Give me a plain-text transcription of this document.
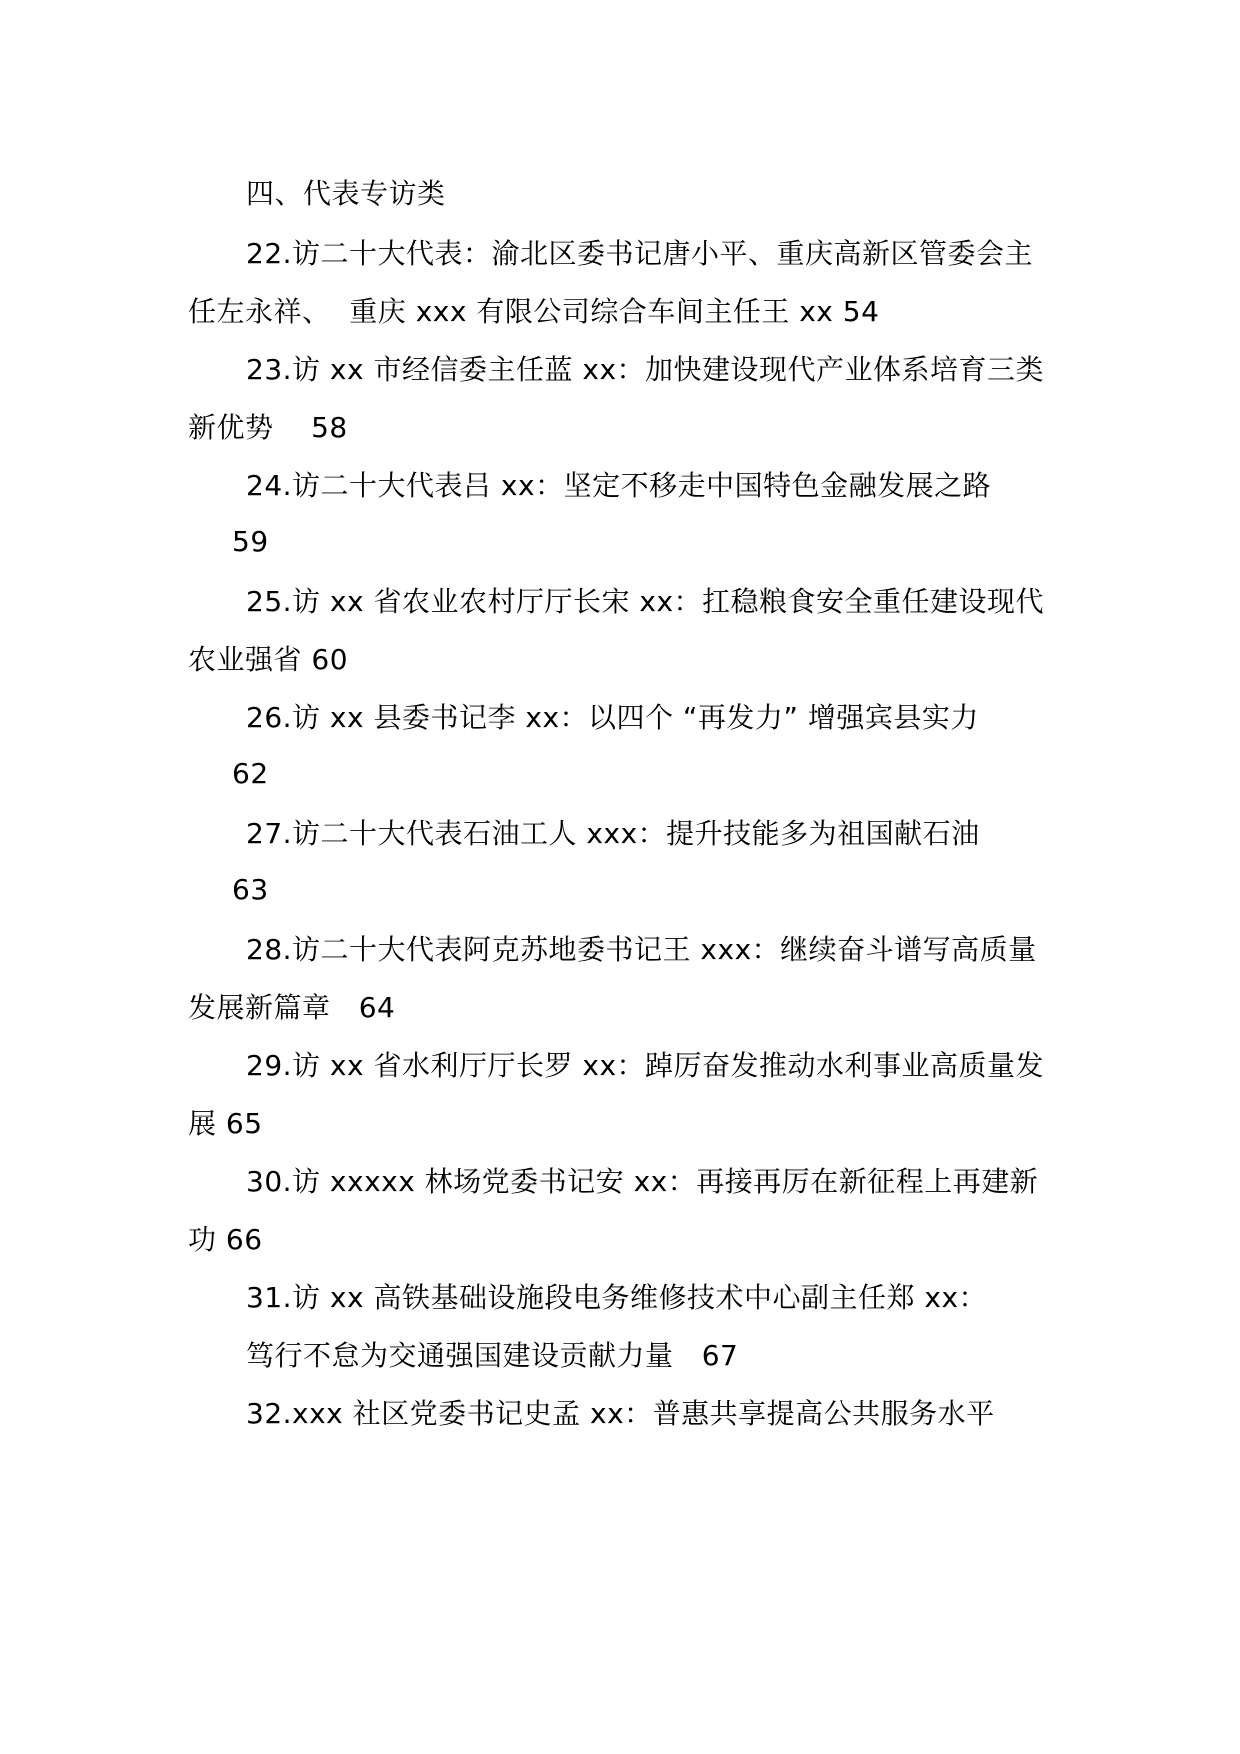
四、代表专访类
22.访二十大代表：渝北区委书记唐小平、重庆高新区管委会主
任左永祥、  重庆 xxx 有限公司综合车间主任王 xx 54
23.访 xx 市经信委主任蓝 xx：加快建设现代产业体系培育三类
新优势    58
24.访二十大代表吕 xx：坚定不移走中国特色金融发展之路
59
25.访 xx 省农业农村厅厅长宋 xx：扛稳粮食安全重任建设现代
农业强省 60
26.访 xx 县委书记李 xx：以四个 “再发力” 增强宾县实力
62
27.访二十大代表石油工人 xxx：提升技能多为祖国献石油
63
28.访二十大代表阿克苏地委书记王 xxx：继续奋斗谱写高质量
发展新篇章   64
29.访 xx 省水利厅厅长罗 xx：踔厉奋发推动水利事业高质量发
展 65
30.访 xxxxx 林场党委书记安 xx：再接再厉在新征程上再建新
功 66
31.访 xx 高铁基础设施段电务维修技术中心副主任郑 xx：
笃行不怠为交通强国建设贡献力量   67
32.xxx 社区党委书记史孟 xx：普惠共享提高公共服务水平
